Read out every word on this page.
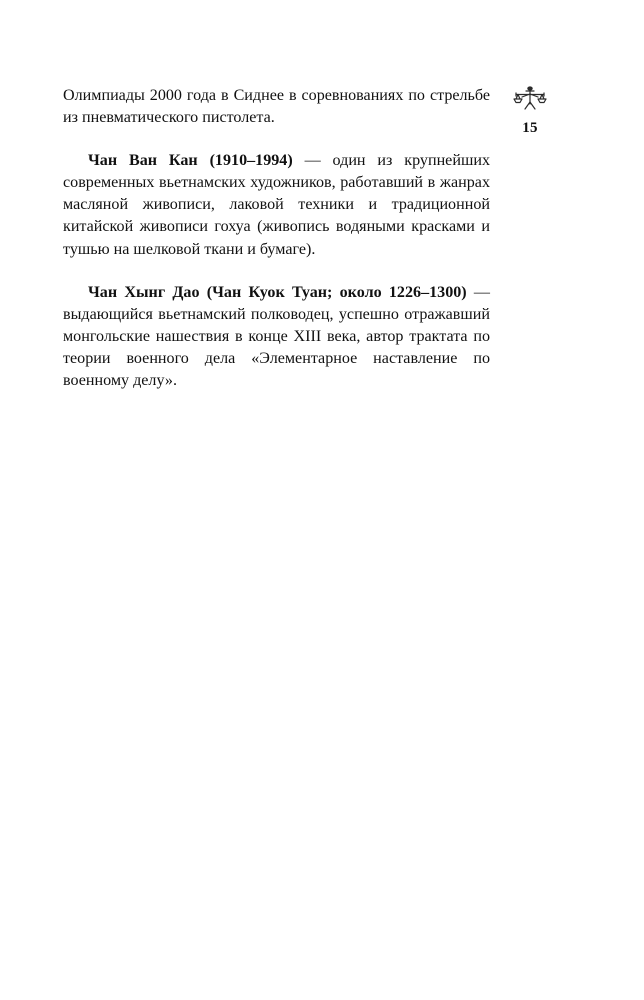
15

Олимпиады 2000 года в Сиднее в соревнованиях по стрельбе из пневматического пистолета.

Чан Ван Кан (1910–1994) — один из крупнейших современных вьетнамских художников, работавший в жанрах масляной живописи, лаковой техники и традиционной китайской живописи гохуа (живопись водяными красками и тушью на шелковой ткани и бумаге).

Чан Хынг Дао (Чан Куок Туан; около 1226–1300) — выдающийся вьетнамский полководец, успешно отражавший монгольские нашествия в конце XIII века, автор трактата по теории военного дела «Элементарное наставление по военному делу».
